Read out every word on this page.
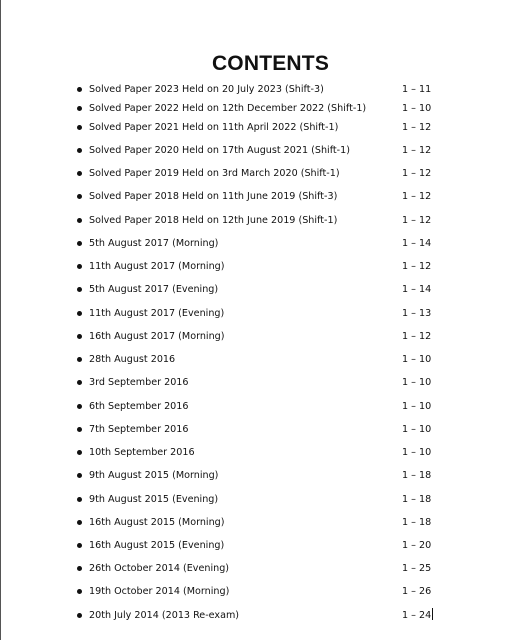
CONTENTS
Solved Paper 2023 Held on 20 July 2023 (Shift-3)	1 – 11
Solved Paper 2022 Held on 12th December 2022 (Shift-1)	1 – 10
Solved Paper 2021 Held on 11th April 2022 (Shift-1)	1 – 12
Solved Paper 2020 Held on 17th August 2021 (Shift-1)	1 – 12
Solved Paper 2019 Held on 3rd March 2020 (Shift-1)	1 – 12
Solved Paper 2018 Held on 11th June 2019 (Shift-3)	1 – 12
Solved Paper 2018 Held on 12th June 2019 (Shift-1)	1 – 12
5th August 2017 (Morning)	1 – 14
11th August 2017 (Morning)	1 – 12
5th August 2017 (Evening)	1 – 14
11th August 2017 (Evening)	1 – 13
16th August 2017 (Morning)	1 – 12
28th August 2016	1 – 10
3rd September 2016	1 – 10
6th September 2016	1 – 10
7th September 2016	1 – 10
10th September 2016	1 – 10
9th August 2015 (Morning)	1 – 18
9th August 2015 (Evening)	1 – 18
16th August 2015 (Morning)	1 – 18
16th August 2015 (Evening)	1 – 20
26th October 2014 (Evening)	1 – 25
19th October 2014 (Morning)	1 – 26
20th July 2014 (2013 Re-exam)	1 – 24
